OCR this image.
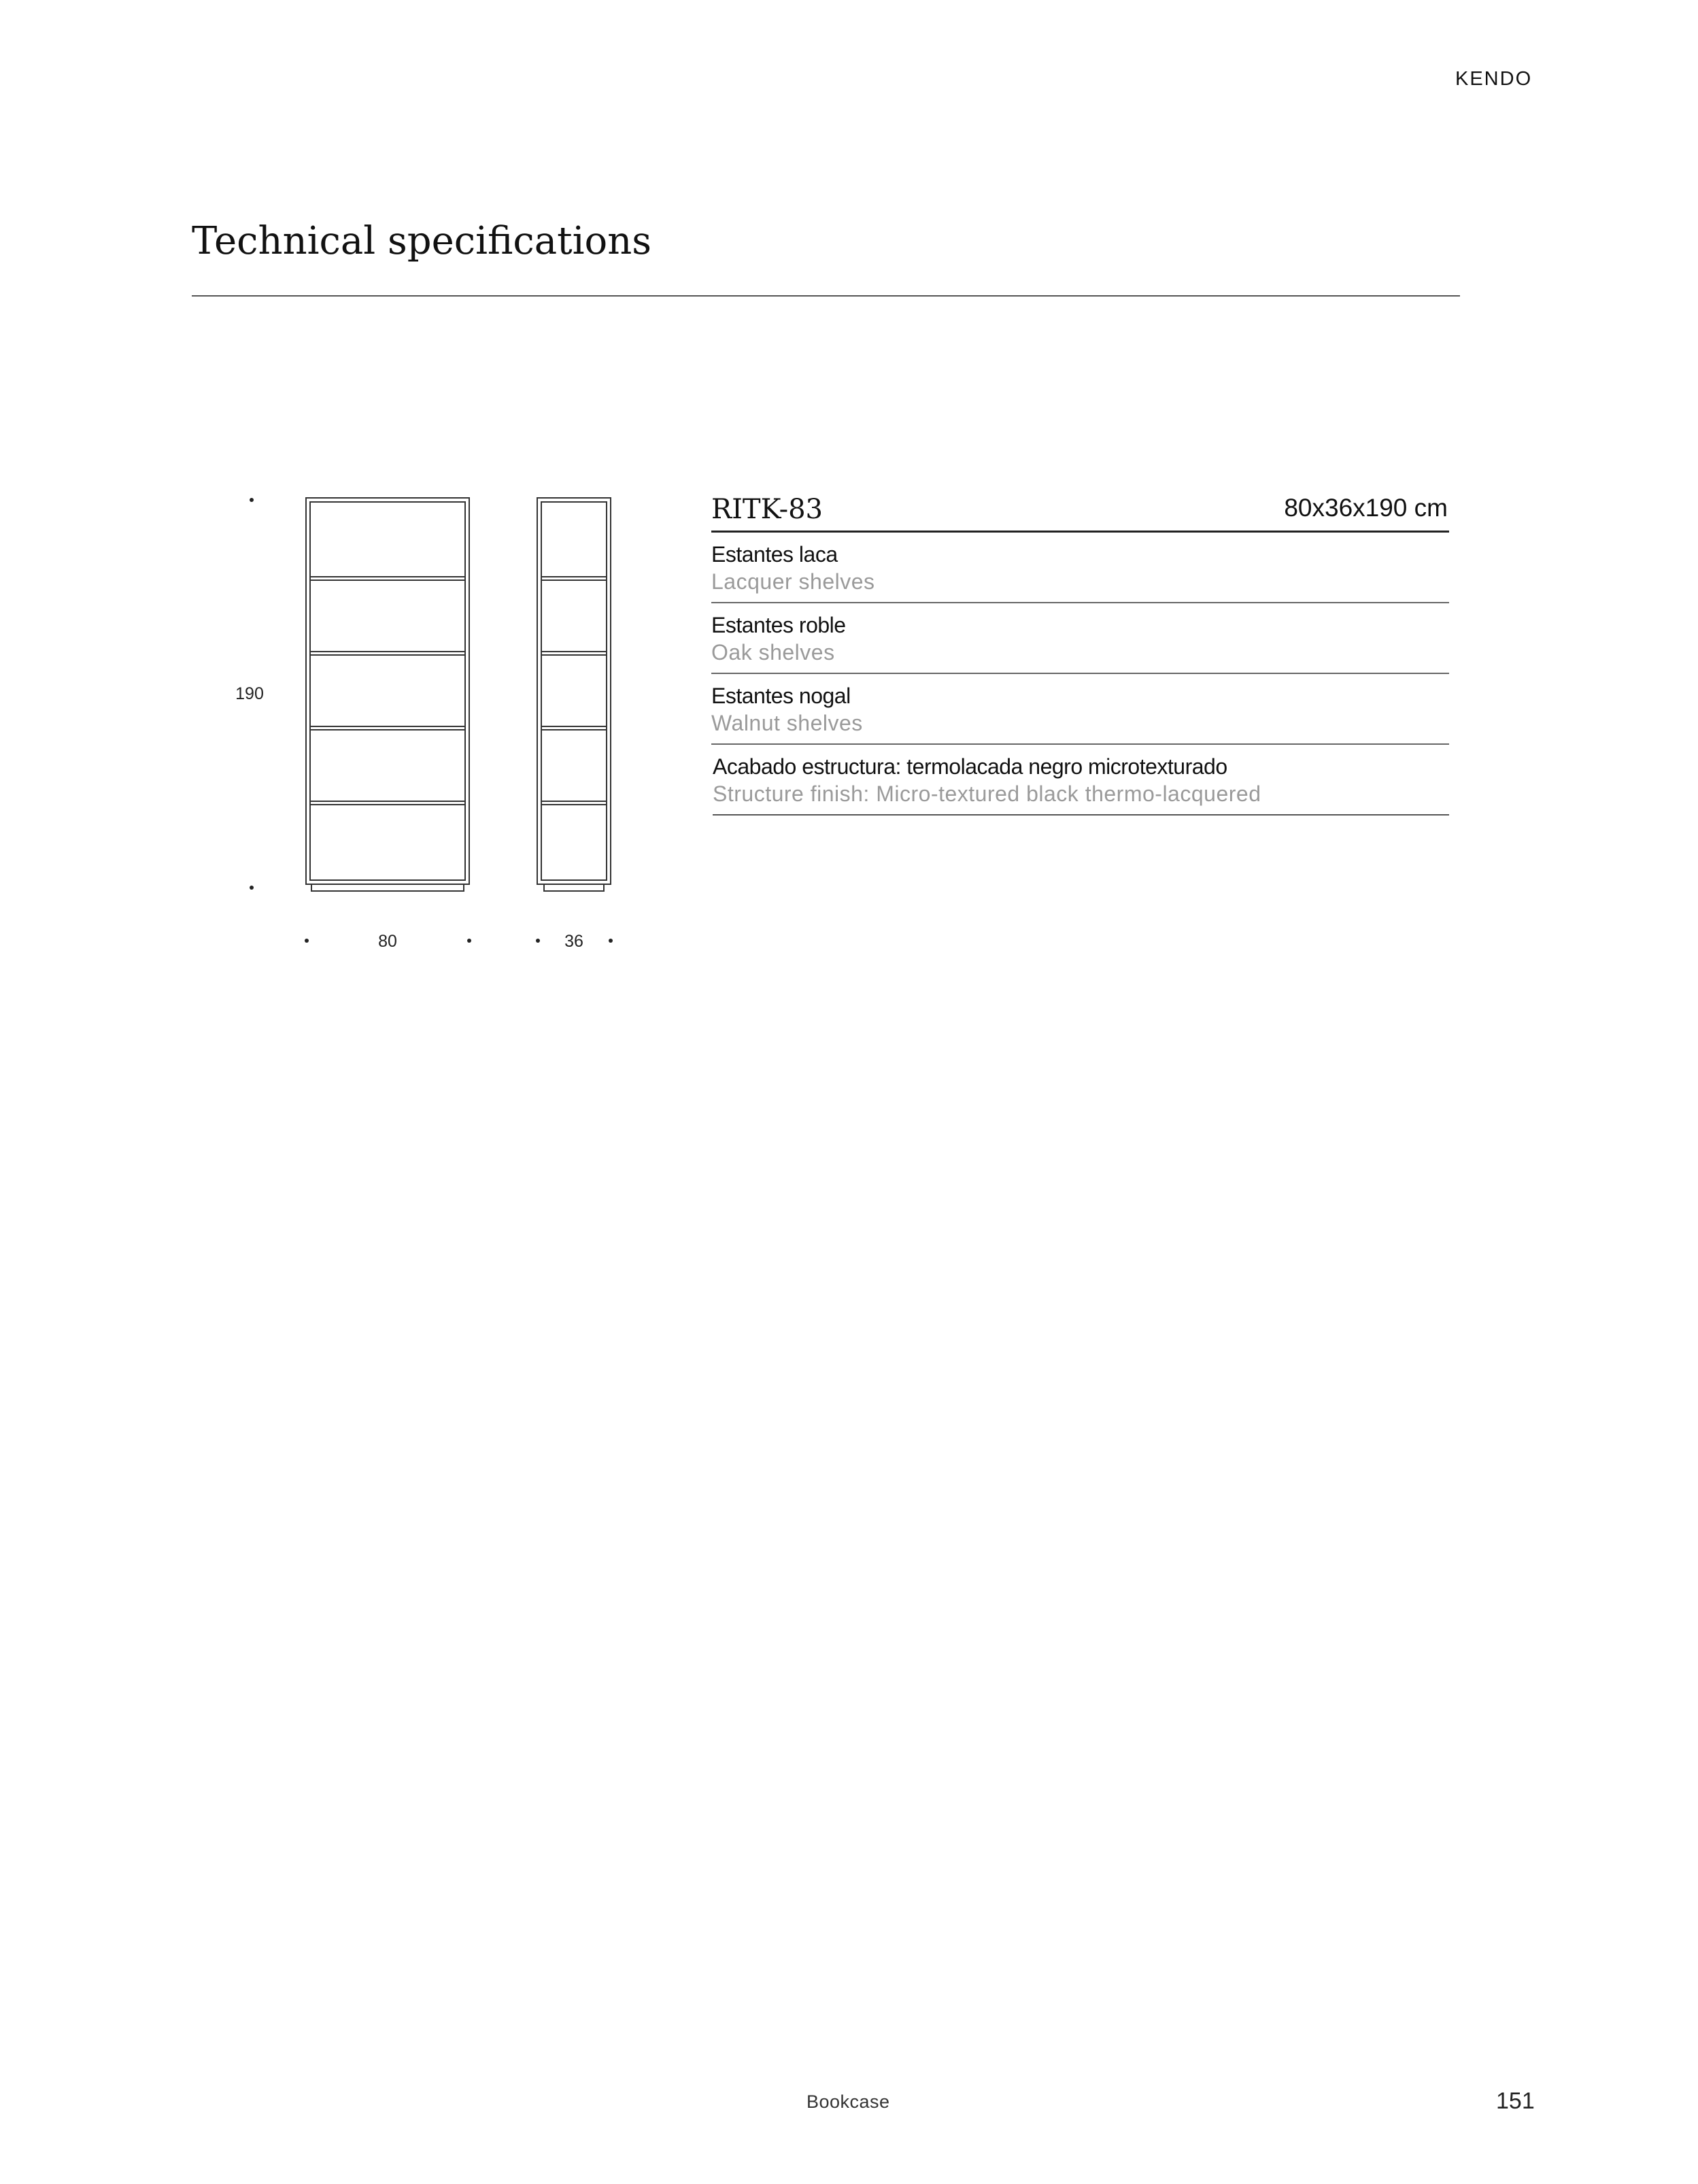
KENDO
Technical specifications
190
80	36
RITK-83	80x36x190 cm
Estantes laca
Lacquer shelves
Estantes roble
Oak shelves
Estantes nogal
Walnut shelves
Acabado estructura: termolacada negro microtexturado
Structure finish: Micro-textured black thermo-lacquered
Bookcase	151
